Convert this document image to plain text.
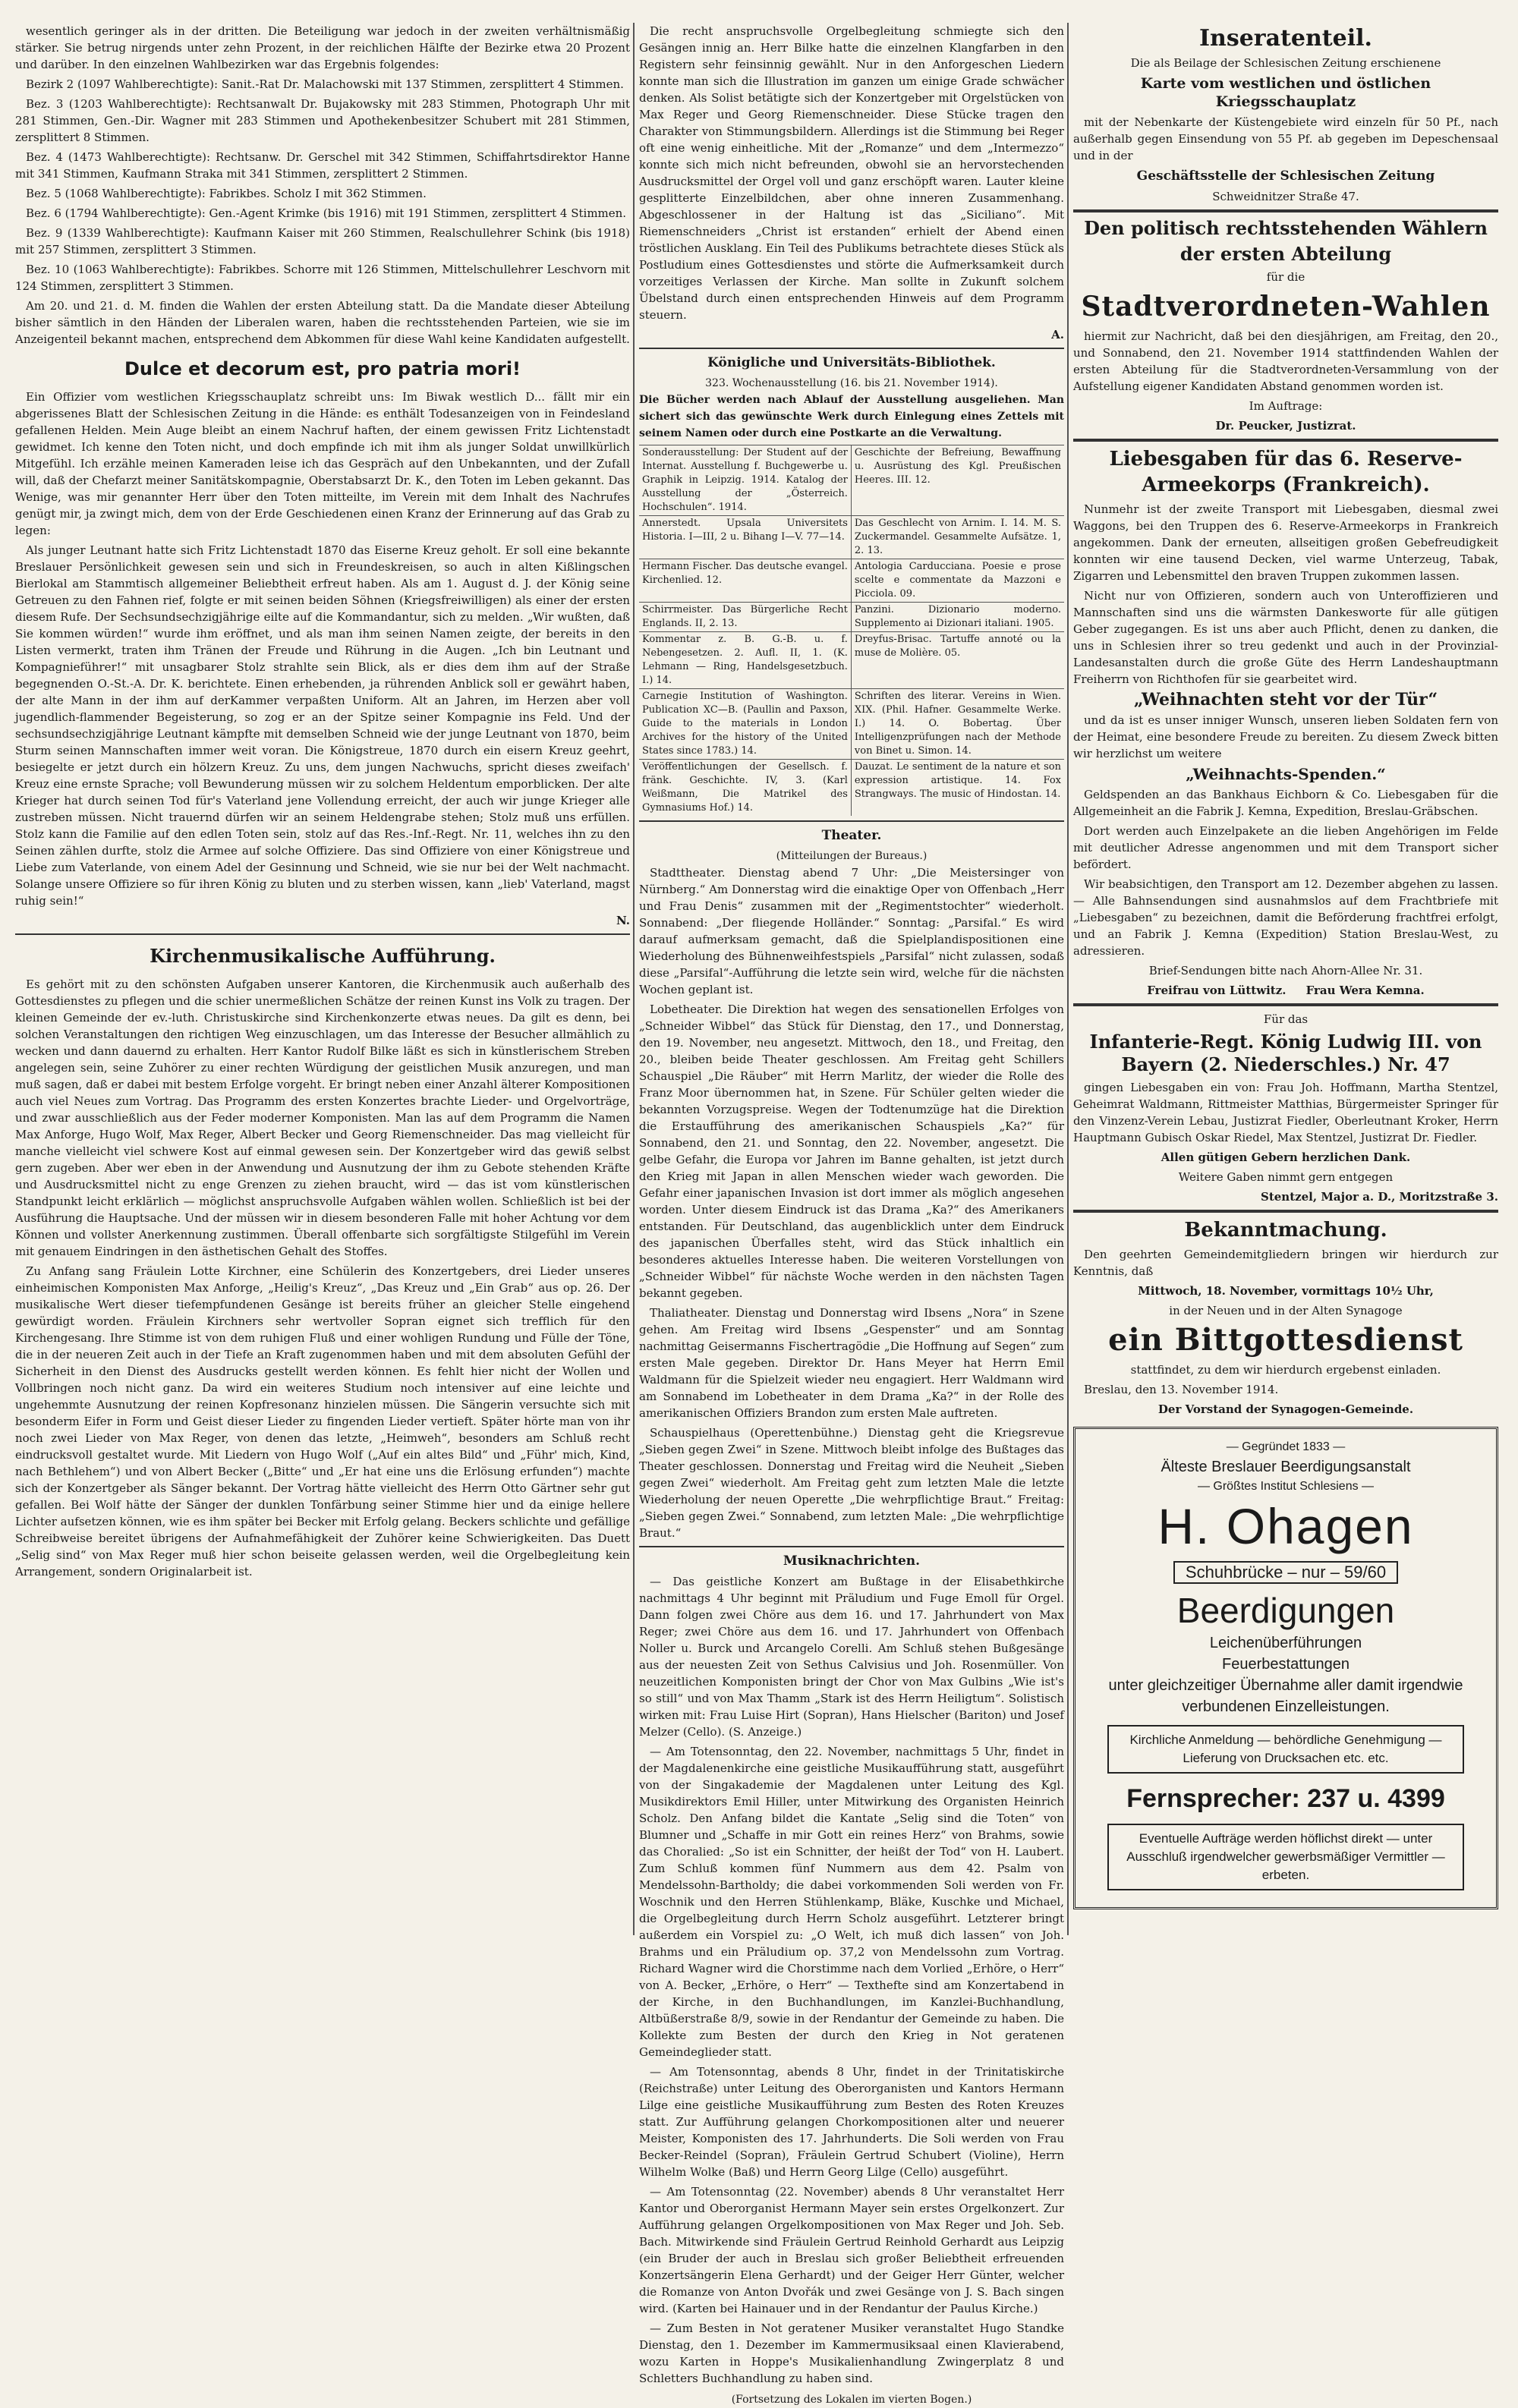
wesentlich geringer als in der dritten. Die Beteiligung war jedoch in der zweiten verhältnismäßig stärker. Sie betrug nirgends unter zehn Prozent, in der reichlichen Hälfte der Bezirke etwa 20 Prozent und darüber. In den einzelnen Wahlbezirken war das Ergebnis folgendes:

Bezirk 2 (1097 Wahlberechtigte): Sanit.-Rat Dr. Malachowski mit 137 Stimmen, zersplittert 4 Stimmen.

Bez. 3 (1203 Wahlberechtigte): Rechtsanwalt Dr. Bujakowsky mit 283 Stimmen, Photograph Uhr mit 281 Stimmen, Gen.-Dir. Wagner mit 283 Stimmen und Apothekenbesitzer Schubert mit 281 Stimmen, zersplittert 8 Stimmen.

Bez. 4 (1473 Wahlberechtigte): Rechtsanw. Dr. Gerschel mit 342 Stimmen, Schiffahrtsdirektor Hanne mit 341 Stimmen, Kaufmann Straka mit 341 Stimmen, zersplittert 2 Stimmen.

Bez. 5 (1068 Wahlberechtigte): Fabrikbes. Scholz I mit 362 Stimmen.

Bez. 6 (1794 Wahlberechtigte): Gen.-Agent Krimke (bis 1916) mit 191 Stimmen, zersplittert 4 Stimmen.

Bez. 9 (1339 Wahlberechtigte): Kaufmann Kaiser mit 260 Stimmen, Realschullehrer Schink (bis 1918) mit 257 Stimmen, zersplittert 3 Stimmen.

Bez. 10 (1063 Wahlberechtigte): Fabrikbes. Schorre mit 126 Stimmen, Mittelschullehrer Leschvorn mit 124 Stimmen, zersplittert 3 Stimmen.

Am 20. und 21. d. M. finden die Wahlen der ersten Abteilung statt. Da die Mandate dieser Abteilung bisher sämtlich in den Händen der Liberalen waren, haben die rechtsstehenden Parteien, wie sie im Anzeigenteil bekannt machen, entsprechend dem Abkommen für diese Wahl keine Kandidaten aufgestellt.

Dulce et decorum est, pro patria mori!

Ein Offizier vom westlichen Kriegsschauplatz schreibt uns: Im Biwak westlich D... fällt mir ein abgerissenes Blatt der Schlesischen Zeitung in die Hände: es enthält Todesanzeigen von in Feindesland gefallenen Helden. Mein Auge bleibt an einem Nachruf haften, der einem gewissen Fritz Lichtenstadt gewidmet. Ich kenne den Toten nicht, und doch empfinde ich mit ihm als junger Soldat unwillkürlich Mitgefühl. Ich erzähle meinen Kameraden leise ich das Gespräch auf den Unbekannten, und der Zufall will, daß der Chefarzt meiner Sanitätskompagnie, Oberstabsarzt Dr. K., den Toten im Leben gekannt. Das Wenige, was mir genannter Herr über den Toten mitteilte, im Verein mit dem Inhalt des Nachrufes genügt mir, ja zwingt mich, dem von der Erde Geschiedenen einen Kranz der Erinnerung auf das Grab zu legen:

Als junger Leutnant hatte sich Fritz Lichtenstadt 1870 das Eiserne Kreuz geholt. Er soll eine bekannte Breslauer Persönlichkeit gewesen sein und sich in Freundeskreisen, so auch in alten Kißlingschen Bierlokal am Stammtisch allgemeiner Beliebtheit erfreut haben. Als am 1. August d. J. der König seine Getreuen zu den Fahnen rief, folgte er mit seinen beiden Söhnen (Kriegsfreiwilligen) als einer der ersten diesem Rufe. Der Sechsundsechzigjährige eilte auf die Kommandantur, sich zu melden. „Wir wußten, daß Sie kommen würden!“ wurde ihm eröffnet, und als man ihm seinen Namen zeigte, der bereits in den Listen vermerkt, traten ihm Tränen der Freude und Rührung in die Augen. „Ich bin Leutnant und Kompagnieführer!“ mit unsagbarer Stolz strahlte sein Blick, als er dies dem ihm auf der Straße begegnenden O.-St.-A. Dr. K. berichtete. Einen erhebenden, ja rührenden Anblick soll er gewährt haben, der alte Mann in der ihm auf derKammer verpaßten Uniform. Alt an Jahren, im Herzen aber voll jugendlich-flammender Begeisterung, so zog er an der Spitze seiner Kompagnie ins Feld. Und der sechsundsechzigjährige Leutnant kämpfte mit demselben Schneid wie der junge Leutnant von 1870, beim Sturm seinen Mannschaften immer weit voran. Die Königstreue, 1870 durch ein eisern Kreuz geehrt, besiegelte er jetzt durch ein hölzern Kreuz. Zu uns, dem jungen Nachwuchs, spricht dieses zweifach' Kreuz eine ernste Sprache; voll Bewunderung müssen wir zu solchem Heldentum emporblicken. Der alte Krieger hat durch seinen Tod für's Vaterland jene Vollendung erreicht, der auch wir junge Krieger alle zustreben müssen. Nicht trauernd dürfen wir an seinem Heldengrabe stehen; Stolz muß uns erfüllen. Stolz kann die Familie auf den edlen Toten sein, stolz auf das Res.-Inf.-Regt. Nr. 11, welches ihn zu den Seinen zählen durfte, stolz die Armee auf solche Offiziere. Das sind Offiziere von einer Königstreue und Liebe zum Vaterlande, von einem Adel der Gesinnung und Schneid, wie sie nur bei der Welt nachmacht. Solange unsere Offiziere so für ihren König zu bluten und zu sterben wissen, kann „lieb' Vaterland, magst ruhig sein!“

N.
Kirchenmusikalische Aufführung.

Es gehört mit zu den schönsten Aufgaben unserer Kantoren, die Kirchenmusik auch außerhalb des Gottesdienstes zu pflegen und die schier unermeßlichen Schätze der reinen Kunst ins Volk zu tragen. Der kleinen Gemeinde der ev.-luth. Christuskirche sind Kirchenkonzerte etwas neues. Da gilt es denn, bei solchen Veranstaltungen den richtigen Weg einzuschlagen, um das Interesse der Besucher allmählich zu wecken und dann dauernd zu erhalten. Herr Kantor Rudolf Bilke läßt es sich in künstlerischem Streben angelegen sein, seine Zuhörer zu einer rechten Würdigung der geistlichen Musik anzuregen, und man muß sagen, daß er dabei mit bestem Erfolge vorgeht. Er bringt neben einer Anzahl älterer Kompositionen auch viel Neues zum Vortrag. Das Programm des ersten Konzertes brachte Lieder- und Orgelvorträge, und zwar ausschließlich aus der Feder moderner Komponisten. Man las auf dem Programm die Namen Max Anforge, Hugo Wolf, Max Reger, Albert Becker und Georg Riemenschneider. Das mag vielleicht für manche vielleicht viel schwere Kost auf einmal gewesen sein. Der Konzertgeber wird das gewiß selbst gern zugeben. Aber wer eben in der Anwendung und Ausnutzung der ihm zu Gebote stehenden Kräfte und Ausdrucksmittel nicht zu enge Grenzen zu ziehen braucht, wird — das ist vom künstlerischen Standpunkt leicht erklärlich — möglichst anspruchsvolle Aufgaben wählen wollen. Schließlich ist bei der Ausführung die Hauptsache. Und der müssen wir in diesem besonderen Falle mit hoher Achtung vor dem Können und vollster Anerkennung zustimmen. Überall offenbarte sich sorgfältigste Stilgefühl im Verein mit genauem Eindringen in den ästhetischen Gehalt des Stoffes.

Zu Anfang sang Fräulein Lotte Kirchner, eine Schülerin des Konzertgebers, drei Lieder unseres einheimischen Komponisten Max Anforge, „Heilig's Kreuz“, „Das Kreuz und „Ein Grab“ aus op. 26. Der musikalische Wert dieser tiefempfundenen Gesänge ist bereits früher an gleicher Stelle eingehend gewürdigt worden. Fräulein Kirchners sehr wertvoller Sopran eignet sich trefflich für den Kirchengesang. Ihre Stimme ist von dem ruhigen Fluß und einer wohligen Rundung und Fülle der Töne, die in der neueren Zeit auch in der Tiefe an Kraft zugenommen haben und mit dem absoluten Gefühl der Sicherheit in den Dienst des Ausdrucks gestellt werden können. Es fehlt hier nicht der Wollen und Vollbringen noch nicht ganz. Da wird ein weiteres Studium noch intensiver auf eine leichte und ungehemmte Ausnutzung der reinen Kopfresonanz hinzielen müssen. Die Sängerin versuchte sich mit besonderm Eifer in Form und Geist dieser Lieder zu fingenden Lieder vertieft. Später hörte man von ihr noch zwei Lieder von Max Reger, von denen das letzte, „Heimweh“, besonders am Schluß recht eindrucksvoll gestaltet wurde. Mit Liedern von Hugo Wolf („Auf ein altes Bild“ und „Führ' mich, Kind, nach Bethlehem“) und von Albert Becker („Bitte“ und „Er hat eine uns die Erlösung erfunden“) machte sich der Konzertgeber als Sänger bekannt. Der Vortrag hätte vielleicht des Herrn Otto Gärtner sehr gut gefallen. Bei Wolf hätte der Sänger der dunklen Tonfärbung seiner Stimme hier und da einige hellere Lichter aufsetzen können, wie es ihm später bei Becker mit Erfolg gelang. Beckers schlichte und gefällige Schreibweise bereitet übrigens der Aufnahmefähigkeit der Zuhörer keine Schwierigkeiten. Das Duett „Selig sind“ von Max Reger muß hier schon beiseite gelassen werden, weil die Orgelbegleitung kein Arrangement, sondern Originalarbeit ist.

Die recht anspruchsvolle Orgelbegleitung schmiegte sich den Gesängen innig an. Herr Bilke hatte die einzelnen Klangfarben in den Registern sehr feinsinnig gewählt. Nur in den Anforgeschen Liedern konnte man sich die Illustration im ganzen um einige Grade schwächer denken. Als Solist betätigte sich der Konzertgeber mit Orgelstücken von Max Reger und Georg Riemenschneider. Diese Stücke tragen den Charakter von Stimmungsbildern. Allerdings ist die Stimmung bei Reger oft eine wenig einheitliche. Mit der „Romanze“ und dem „Intermezzo“ konnte sich mich nicht befreunden, obwohl sie an hervorstechenden Ausdrucksmittel der Orgel voll und ganz erschöpft waren. Lauter kleine gesplitterte Einzelbildchen, aber ohne inneren Zusammenhang. Abgeschlossener in der Haltung ist das „Siciliano“. Mit Riemenschneiders „Christ ist erstanden“ erhielt der Abend einen tröstlichen Ausklang. Ein Teil des Publikums betrachtete dieses Stück als Postludium eines Gottesdienstes und störte die Aufmerksamkeit durch vorzeitiges Verlassen der Kirche. Man sollte in Zukunft solchem Übelstand durch einen entsprechenden Hinweis auf dem Programm steuern.

A.
Königliche und Universitäts-Bibliothek.
323. Wochenausstellung (16. bis 21. November 1914).

Die Bücher werden nach Ablauf der Ausstellung ausgeliehen. Man sichert sich das gewünschte Werk durch Einlegung eines Zettels mit seinem Namen oder durch eine Postkarte an die Verwaltung.

Sonderausstellung: Der Student auf der Internat. Ausstellung f. Buchgewerbe u. Graphik in Leipzig. 1914. Katalog der Ausstellung der „Österreich. Hochschulen“. 1914.	Geschichte der Befreiung, Bewaffnung u. Ausrüstung des Kgl. Preußischen Heeres. III. 12.
Annerstedt. Upsala Universitets Historia. I—III, 2 u. Bihang I—V. 77—14.	Das Geschlecht von Arnim. I. 14. M. S. Zuckermandel. Gesammelte Aufsätze. 1, 2. 13.
Hermann Fischer. Das deutsche evangel. Kirchenlied. 12.	Antologia Carducciana. Poesie e prose scelte e commentate da Mazzoni e Picciola. 09.
Schirrmeister. Das Bürgerliche Recht Englands. II, 2. 13.	Panzini. Dizionario moderno. Supplemento ai Dizionari italiani. 1905.
Kommentar z. B. G.-B. u. f. Nebengesetzen. 2. Aufl. II, 1. (K. Lehmann — Ring, Handelsgesetzbuch. I.) 14.	Dreyfus-Brisac. Tartuffe annoté ou la muse de Molière. 05.
Carnegie Institution of Washington. Publication XC—B. (Paullin and Paxson, Guide to the materials in London Archives for the history of the United States since 1783.) 14.	Schriften des literar. Vereins in Wien. XIX. (Phil. Hafner. Gesammelte Werke. I.) 14. O. Bobertag. Über Intelligenzprüfungen nach der Methode von Binet u. Simon. 14.
Veröffentlichungen der Gesellsch. f. fränk. Geschichte. IV, 3. (Karl Weißmann, Die Matrikel des Gymnasiums Hof.) 14.	Dauzat. Le sentiment de la nature et son expression artistique. 14. Fox Strangways. The music of Hindostan. 14.
Theater.
(Mitteilungen der Bureaus.)

Stadttheater. Dienstag abend 7 Uhr: „Die Meistersinger von Nürnberg.“ Am Donnerstag wird die einaktige Oper von Offenbach „Herr und Frau Denis“ zusammen mit der „Regimentstochter“ wiederholt. Sonnabend: „Der fliegende Holländer.“ Sonntag: „Parsifal.“ Es wird darauf aufmerksam gemacht, daß die Spielplandispositionen eine Wiederholung des Bühnenweihfestspiels „Parsifal“ nicht zulassen, sodaß diese „Parsifal“-Aufführung die letzte sein wird, welche für die nächsten Wochen geplant ist.

Lobetheater. Die Direktion hat wegen des sensationellen Erfolges von „Schneider Wibbel“ das Stück für Dienstag, den 17., und Donnerstag, den 19. November, neu angesetzt. Mittwoch, den 18., und Freitag, den 20., bleiben beide Theater geschlossen. Am Freitag geht Schillers Schauspiel „Die Räuber“ mit Herrn Marlitz, der wieder die Rolle des Franz Moor übernommen hat, in Szene. Für Schüler gelten wieder die bekannten Vorzugspreise. Wegen der Todtenumzüge hat die Direktion die Erstaufführung des amerikanischen Schauspiels „Ka?“ für Sonnabend, den 21. und Sonntag, den 22. November, angesetzt. Die gelbe Gefahr, die Europa vor Jahren im Banne gehalten, ist jetzt durch den Krieg mit Japan in allen Menschen wieder wach geworden. Die Gefahr einer japanischen Invasion ist dort immer als möglich angesehen worden. Unter diesem Eindruck ist das Drama „Ka?“ des Amerikaners entstanden. Für Deutschland, das augenblicklich unter dem Eindruck des japanischen Überfalles steht, wird das Stück inhaltlich ein besonderes aktuelles Interesse haben. Die weiteren Vorstellungen von „Schneider Wibbel“ für nächste Woche werden in den nächsten Tagen bekannt gegeben.

Thaliatheater. Dienstag und Donnerstag wird Ibsens „Nora“ in Szene gehen. Am Freitag wird Ibsens „Gespenster“ und am Sonntag nachmittag Geisermanns Fischertragödie „Die Hoffnung auf Segen“ zum ersten Male gegeben. Direktor Dr. Hans Meyer hat Herrn Emil Waldmann für die Spielzeit wieder neu engagiert. Herr Waldmann wird am Sonnabend im Lobetheater in dem Drama „Ka?“ in der Rolle des amerikanischen Offiziers Brandon zum ersten Male auftreten.

Schauspielhaus (Operettenbühne.) Dienstag geht die Kriegsrevue „Sieben gegen Zwei“ in Szene. Mittwoch bleibt infolge des Bußtages das Theater geschlossen. Donnerstag und Freitag wird die Neuheit „Sieben gegen Zwei“ wiederholt. Am Freitag geht zum letzten Male die letzte Wiederholung der neuen Operette „Die wehrpflichtige Braut.“ Freitag: „Sieben gegen Zwei.“ Sonnabend, zum letzten Male: „Die wehrpflichtige Braut.“

Musiknachrichten.

— Das geistliche Konzert am Bußtage in der Elisabethkirche nachmittags 4 Uhr beginnt mit Präludium und Fuge Emoll für Orgel. Dann folgen zwei Chöre aus dem 16. und 17. Jahrhundert von Max Reger; zwei Chöre aus dem 16. und 17. Jahrhundert von Offenbach Noller u. Burck und Arcangelo Corelli. Am Schluß stehen Bußgesänge aus der neuesten Zeit von Sethus Calvisius und Joh. Rosenmüller. Von neuzeitlichen Komponisten bringt der Chor von Max Gulbins „Wie ist's so still“ und von Max Thamm „Stark ist des Herrn Heiligtum“. Solistisch wirken mit: Frau Luise Hirt (Sopran), Hans Hielscher (Bariton) und Josef Melzer (Cello). (S. Anzeige.)

— Am Totensonntag, den 22. November, nachmittags 5 Uhr, findet in der Magdalenenkirche eine geistliche Musikaufführung statt, ausgeführt von der Singakademie der Magdalenen unter Leitung des Kgl. Musikdirektors Emil Hiller, unter Mitwirkung des Organisten Heinrich Scholz. Den Anfang bildet die Kantate „Selig sind die Toten“ von Blumner und „Schaffe in mir Gott ein reines Herz“ von Brahms, sowie das Choralied: „So ist ein Schnitter, der heißt der Tod“ von H. Laubert. Zum Schluß kommen fünf Nummern aus dem 42. Psalm von Mendelssohn-Bartholdy; die dabei vorkommenden Soli werden von Fr. Woschnik und den Herren Stühlenkamp, Bläke, Kuschke und Michael, die Orgelbegleitung durch Herrn Scholz ausgeführt. Letzterer bringt außerdem ein Vorspiel zu: „O Welt, ich muß dich lassen“ von Joh. Brahms und ein Präludium op. 37,2 von Mendelssohn zum Vortrag. Richard Wagner wird die Chorstimme nach dem Vorlied „Erhöre, o Herr“ von A. Becker, „Erhöre, o Herr“ — Texthefte sind am Konzertabend in der Kirche, in den Buchhandlungen, im Kanzlei-Buchhandlung, Altbüßerstraße 8/9, sowie in der Rendantur der Gemeinde zu haben. Die Kollekte zum Besten der durch den Krieg in Not geratenen Gemeindeglieder statt.

— Am Totensonntag, abends 8 Uhr, findet in der Trinitatiskirche (Reichstraße) unter Leitung des Oberorganisten und Kantors Hermann Lilge eine geistliche Musikaufführung zum Besten des Roten Kreuzes statt. Zur Aufführung gelangen Chorkompositionen alter und neuerer Meister, Komponisten des 17. Jahrhunderts. Die Soli werden von Frau Becker-Reindel (Sopran), Fräulein Gertrud Schubert (Violine), Herrn Wilhelm Wolke (Baß) und Herrn Georg Lilge (Cello) ausgeführt.

— Am Totensonntag (22. November) abends 8 Uhr veranstaltet Herr Kantor und Oberorganist Hermann Mayer sein erstes Orgelkonzert. Zur Aufführung gelangen Orgelkompositionen von Max Reger und Joh. Seb. Bach. Mitwirkende sind Fräulein Gertrud Reinhold Gerhardt aus Leipzig (ein Bruder der auch in Breslau sich großer Beliebtheit erfreuenden Konzertsängerin Elena Gerhardt) und der Geiger Herr Günter, welcher die Romanze von Anton Dvořák und zwei Gesänge von J. S. Bach singen wird. (Karten bei Hainauer und in der Rendantur der Paulus Kirche.)

— Zum Besten in Not geratener Musiker veranstaltet Hugo Standke Dienstag, den 1. Dezember im Kammermusiksaal einen Klavierabend, wozu Karten in Hoppe's Musikalienhandlung Zwingerplatz 8 und Schletters Buchhandlung zu haben sind.

(Fortsetzung des Lokalen im vierten Bogen.)
Inseratenteil.

Die als Beilage der Schlesischen Zeitung erschienene

Karte vom westlichen und östlichen Kriegsschauplatz

mit der Nebenkarte der Küstengebiete wird einzeln für 50 Pf., nach außerhalb gegen Einsendung von 55 Pf. ab gegeben im Depeschensaal und in der

Geschäftsstelle der Schlesischen Zeitung

Schweidnitzer Straße 47.

Den politisch rechtsstehenden Wählern
der ersten Abteilung

für die

Stadtverordneten-Wahlen

hiermit zur Nachricht, daß bei den diesjährigen, am Freitag, den 20., und Sonnabend, den 21. November 1914 stattfindenden Wahlen der ersten Abteilung für die Stadtverordneten-Versammlung von der Aufstellung eigener Kandidaten Abstand genommen worden ist.

Im Auftrage:

Dr. Peucker, Justizrat.

Liebesgaben für das 6. Reserve-Armeekorps (Frankreich).

Nunmehr ist der zweite Transport mit Liebesgaben, diesmal zwei Waggons, bei den Truppen des 6. Reserve-Armeekorps in Frankreich angekommen. Dank der erneuten, allseitigen großen Gebefreudigkeit konnten wir eine tausend Decken, viel warme Unterzeug, Tabak, Zigarren und Lebensmittel den braven Truppen zukommen lassen.

Nicht nur von Offizieren, sondern auch von Unteroffizieren und Mannschaften sind uns die wärmsten Dankesworte für alle gütigen Geber zugegangen. Es ist uns aber auch Pflicht, denen zu danken, die uns in Schlesien ihrer so treu gedenkt und auch in der Provinzial-Landesanstalten durch die große Güte des Herrn Landeshauptmann Freiherrn von Richthofen für sie gearbeitet wird.

„Weihnachten steht vor der Tür“

und da ist es unser inniger Wunsch, unseren lieben Soldaten fern von der Heimat, eine besondere Freude zu bereiten. Zu diesem Zweck bitten wir herzlichst um weitere

„Weihnachts-Spenden.“

Geldspenden an das Bankhaus Eichborn & Co. Liebesgaben für die Allgemeinheit an die Fabrik J. Kemna, Expedition, Breslau-Gräbschen.

Dort werden auch Einzelpakete an die lieben Angehörigen im Felde mit deutlicher Adresse angenommen und mit dem Transport sicher befördert.

Wir beabsichtigen, den Transport am 12. Dezember abgehen zu lassen. — Alle Bahnsendungen sind ausnahmslos auf dem Frachtbriefe mit „Liebesgaben“ zu bezeichnen, damit die Beförderung frachtfrei erfolgt, und an Fabrik J. Kemna (Expedition) Station Breslau-West, zu adressieren.

Brief-Sendungen bitte nach Ahorn-Allee Nr. 31.

Freifrau von Lüttwitz.     Frau Wera Kemna.

Für das

Infanterie-Regt. König Ludwig III. von Bayern (2. Niederschles.) Nr. 47

gingen Liebesgaben ein von: Frau Joh. Hoffmann, Martha Stentzel, Geheimrat Waldmann, Rittmeister Matthias, Bürgermeister Springer für den Vinzenz-Verein Lebau, Justizrat Fiedler, Oberleutnant Kroker, Herrn Hauptmann Gubisch Oskar Riedel, Max Stentzel, Justizrat Dr. Fiedler.

Allen gütigen Gebern herzlichen Dank.

Weitere Gaben nimmt gern entgegen

Stentzel, Major a. D., Moritzstraße 3.

Bekanntmachung.

Den geehrten Gemeindemitgliedern bringen wir hierdurch zur Kenntnis, daß

Mittwoch, 18. November, vormittags 10½ Uhr,

in der Neuen und in der Alten Synagoge

ein Bittgottesdienst

stattfindet, zu dem wir hierdurch ergebenst einladen.

Breslau, den 13. November 1914.

Der Vorstand der Synagogen-Gemeinde.

— Gegründet 1833 —
Älteste Breslauer Beerdigungsanstalt
— Größtes Institut Schlesiens —
H. Ohagen
Schuhbrücke – nur – 59/60
Beerdigungen
Leichenüberführungen
Feuerbestattungen
unter gleichzeitiger Übernahme aller damit irgendwie verbundenen Einzelleistungen.
Kirchliche Anmeldung — behördliche Genehmigung — Lieferung von Drucksachen etc. etc.
Fernsprecher: 237 u. 4399
Eventuelle Aufträge werden höflichst direkt — unter Ausschluß irgendwelcher gewerbsmäßiger Vermittler — erbeten.
